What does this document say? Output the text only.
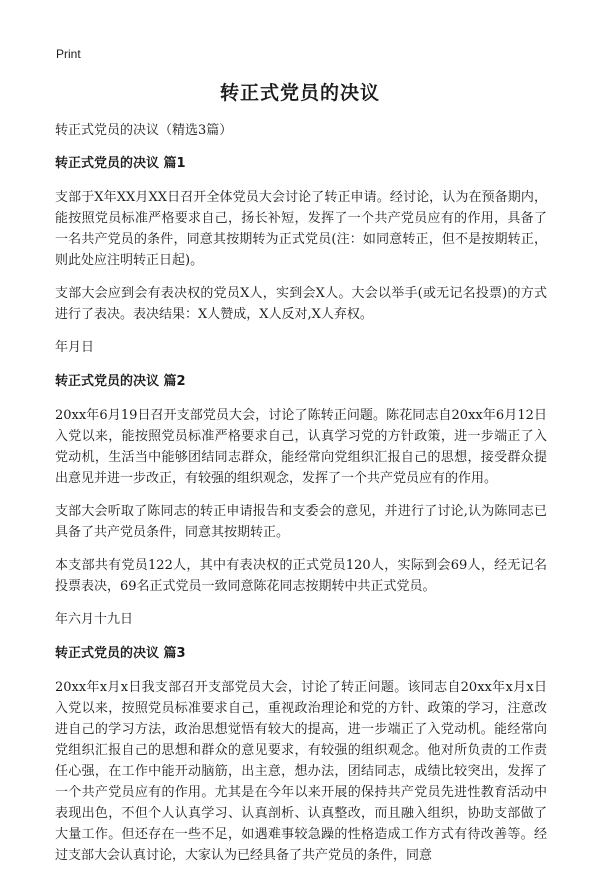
Print
转正式党员的决议

转正式党员的决议（精选3篇）

转正式党员的决议 篇1

支部于X年XX月XX日召开全体党员大会讨论了转正申请。经讨论，认为在预备期内，能按照党员标准严格要求自己，扬长补短，发挥了一个共产党员应有的作用，具备了一名共产党员的条件，同意其按期转为正式党员(注：如同意转正，但不是按期转正，则此处应注明转正日起)。

支部大会应到会有表决权的党员X人，实到会X人。大会以举手(或无记名投票)的方式进行了表决。表决结果：X人赞成，X人反对,X人弃权。

年月日

转正式党员的决议 篇2

20xx年6月19日召开支部党员大会，讨论了陈转正问题。陈花同志自20xx年6月12日入党以来，能按照党员标准严格要求自己，认真学习党的方针政策，进一步端正了入党动机，生活当中能够团结同志群众，能经常向党组织汇报自己的思想，接受群众提出意见并进一步改正，有较强的组织观念，发挥了一个共产党员应有的作用。

支部大会听取了陈同志的转正申请报告和支委会的意见，并进行了讨论,认为陈同志已具备了共产党员条件，同意其按期转正。

本支部共有党员122人，其中有表决权的正式党员120人，实际到会69人，经无记名投票表决，69名正式党员一致同意陈花同志按期转中共正式党员。

年六月十九日

转正式党员的决议 篇3

20xx年x月x日我支部召开支部党员大会，讨论了转正问题。该同志自20xx年x月x日入党以来，按照党员标准要求自己，重视政治理论和党的方针、政策的学习，注意改进自己的学习方法，政治思想觉悟有较大的提高，进一步端正了入党动机。能经常向党组织汇报自己的思想和群众的意见要求，有较强的组织观念。他对所负责的工作责任心强，在工作中能开动脑筋，出主意，想办法，团结同志，成绩比较突出，发挥了一个共产党员应有的作用。尤其是在今年以来开展的保持共产党员先进性教育活动中表现出色，不但个人认真学习、认真剖析、认真整改，而且融入组织，协助支部做了大量工作。但还存在一些不足，如遇难事较急躁的性格造成工作方式有待改善等。经过支部大会认真讨论，大家认为已经具备了共产党员的条件，同意
